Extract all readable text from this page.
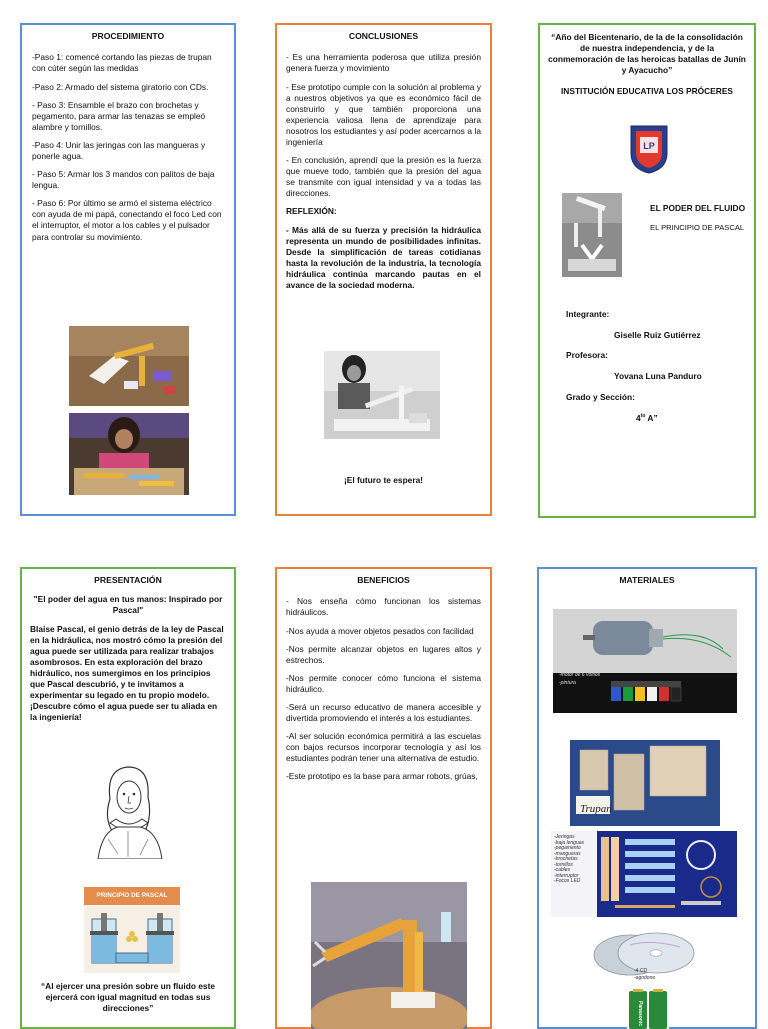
PROCEDIMIENTO

-Paso 1: comencé cortando las piezas de trupan con cúter según las medidas

-Paso 2: Armado del sistema giratorio con CDs.

- Paso 3: Ensamble el brazo con brochetas y pegamento, para armar las tenazas se empleó alambre y tornillos.

-Paso 4: Unir las jeringas con las mangueras y ponerle agua.

- Paso 5: Armar los 3 mandos con palitos de baja lengua.

- Paso 6: Por último se armó el sistema eléctrico con ayuda de mi papá, conectando el foco Led con el interruptor, el motor a los cables y el pulsador para controlar su movimiento.

CONCLUSIONES

- Es una herramienta poderosa que utiliza presión genera fuerza y movimiento

- Ese prototipo cumple con la solución al problema y a nuestros objetivos ya que es económico fácil de construirlo y que también proporciona una experiencia valiosa llena de aprendizaje para nosotros los estudiantes y así poder acercarnos a la ingeniería

- En conclusión, aprendí que la presión es la fuerza que mueve todo, también que la presión del agua se transmite con igual intensidad y va a todas las direcciones.

REFLEXIÓN:

- Más allá de su fuerza y precisión la hidráulica representa un mundo de posibilidades infinitas. Desde la simplificación de tareas cotidianas hasta la revolución de la industria, la tecnología hidráulica continúa marcando pautas en el avance de la sociedad moderna.

¡El futuro te espera!
“Año del Bicentenario, de la de la consolidación de nuestra independencia, y de la conmemoración de las heroicas batallas de Junín y Ayacucho”
INSTITUCIÓN EDUCATIVA LOS PRÓCERES
LP
EL PODER DEL FLUIDO
EL PRINCIPIO DE PASCAL
Integrante:
Giselle Ruiz Gutiérrez
Profesora:
Yovana Luna Panduro
Grado y Sección:
$4^{to}$ A”
PRESENTACIÓN

"El poder del agua en tus manos: Inspirado por Pascal"

Blaise Pascal, el genio detrás de la ley de Pascal en la hidráulica, nos mostró cómo la presión del agua puede ser utilizada para realizar trabajos asombrosos. En esta exploración del brazo hidráulico, nos sumergimos en los principios que Pascal descubrió, y te invitamos a experimentar su legado en tu propio modelo. ¡Descubre cómo el agua puede ser tu aliada en la ingeniería!

PRINCIPIO DE PASCAL
“Al ejercer una presión sobre un fluido este ejercerá con igual magnitud en todas sus direcciones”
BENEFICIOS

- Nos enseña cómo funcionan los sistemas hidráulicos.

-Nos ayuda a mover objetos pesados con facilidad

-Nos permite alcanzar objetos en lugares altos y estrechos.

-Nos permite conocer cómo funciona el sistema hidráulico.

-Será un recurso educativo de manera accesible y divertida promoviendo el interés a los estudiantes.

-Al ser solución económica permitirá a las escuelas con bajos recursos incorporar tecnología y así los estudiantes podrán tener una alternativa de estudio.

-Este prototipo es la base para armar robots, grúas,

MATERIALES
-motor de 6 voltios
-pintura
Trupan
-Jeringas
-baja lenguas
-pegamento
-mangueras
-brochetas
-tornillos
-cables
-interruptor
-Focos LED
-4 CD
-agodone
Panasonic
